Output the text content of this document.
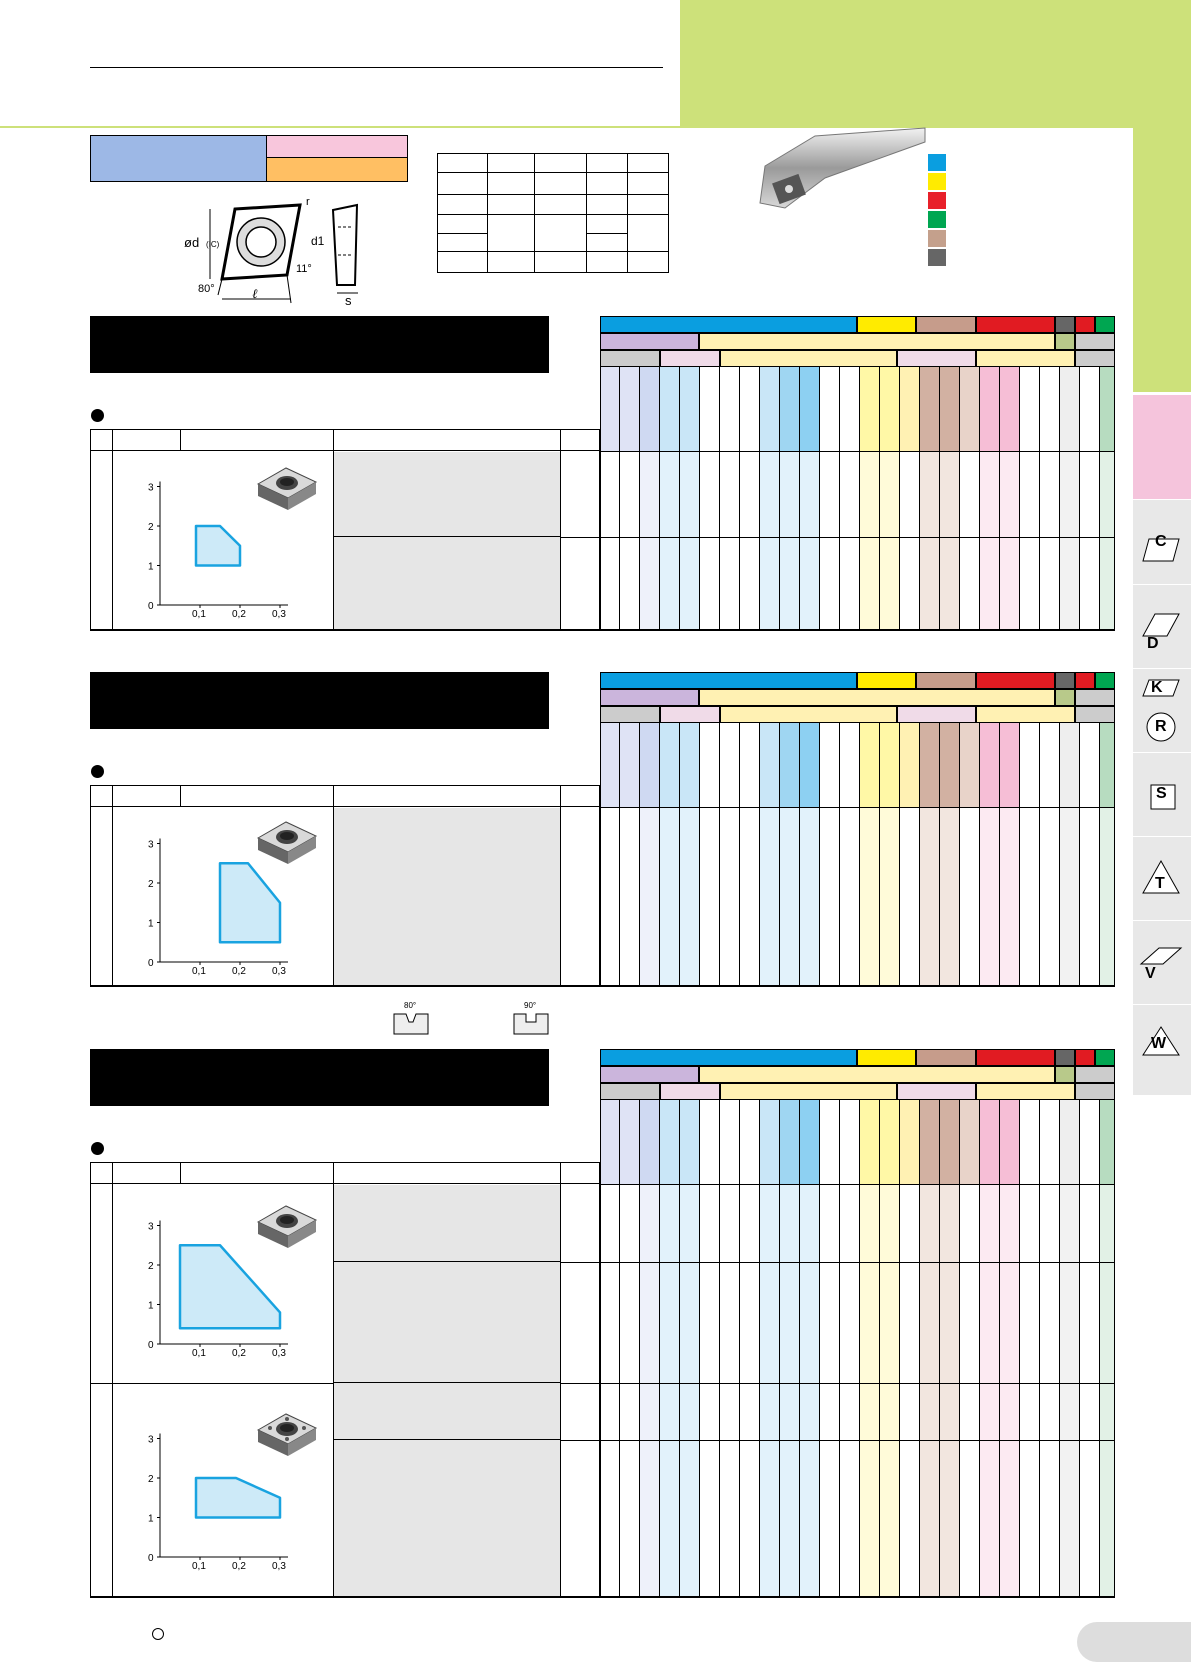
r
ød (IC)	d1
11°
80°	ℓ	s
C
D
K
R
S
T
V
W
80°	90°
3
2
1
0
0,1	0,2	0,3
3
2
1
0
0,1	0,2	0,3
3
2
1
0
0,1	0,2	0,3
3
2
1
0
0,1	0,2	0,3
